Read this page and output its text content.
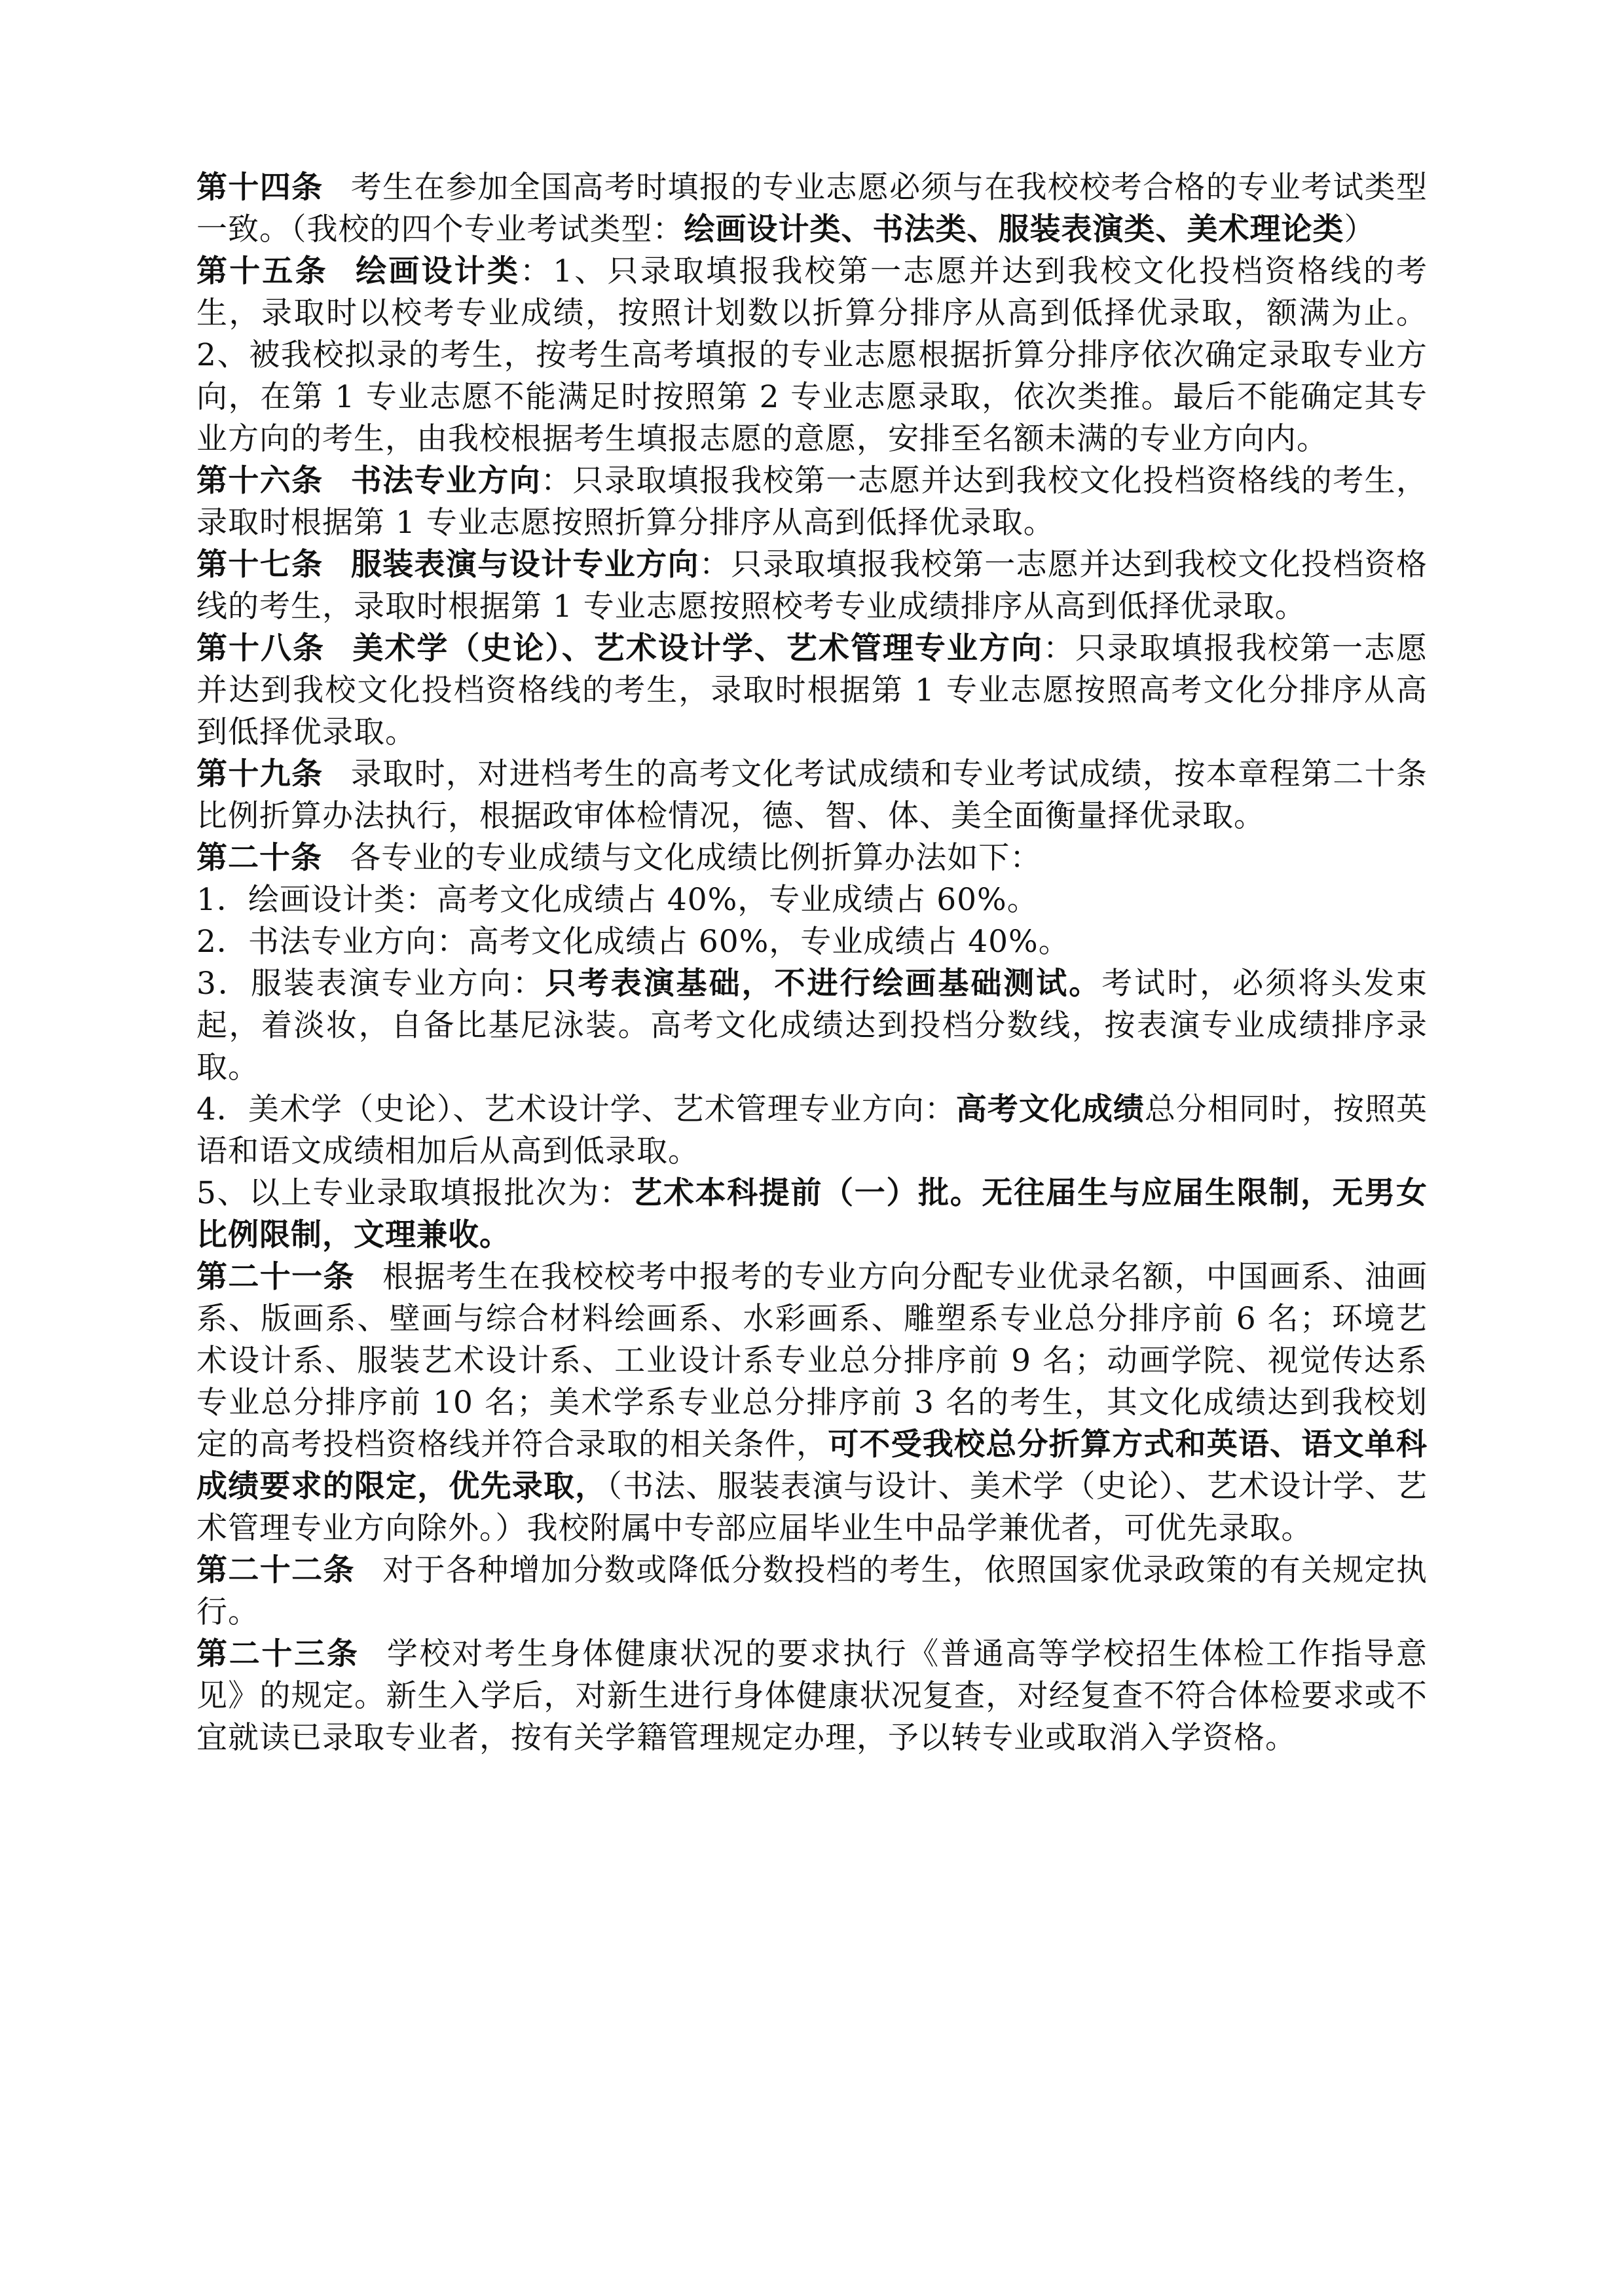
第十四条 考生在参加全国高考时填报的专业志愿必须与在我校校考合格的专业考试类型一致。（我校的四个专业考试类型：绘画设计类、书法类、服装表演类、美术理论类）

第十五条 绘画设计类：1、只录取填报我校第一志愿并达到我校文化投档资格线的考生，录取时以校考专业成绩，按照计划数以折算分排序从高到低择优录取，额满为止。2、被我校拟录的考生，按考生高考填报的专业志愿根据折算分排序依次确定录取专业方向，在第 1 专业志愿不能满足时按照第 2 专业志愿录取，依次类推。最后不能确定其专业方向的考生，由我校根据考生填报志愿的意愿，安排至名额未满的专业方向内。

第十六条 书法专业方向：只录取填报我校第一志愿并达到我校文化投档资格线的考生，录取时根据第 1 专业志愿按照折算分排序从高到低择优录取。

第十七条 服装表演与设计专业方向：只录取填报我校第一志愿并达到我校文化投档资格线的考生，录取时根据第 1 专业志愿按照校考专业成绩排序从高到低择优录取。

第十八条 美术学（史论）、艺术设计学、艺术管理专业方向：只录取填报我校第一志愿并达到我校文化投档资格线的考生，录取时根据第 1 专业志愿按照高考文化分排序从高到低择优录取。

第十九条 录取时，对进档考生的高考文化考试成绩和专业考试成绩，按本章程第二十条比例折算办法执行，根据政审体检情况，德、智、体、美全面衡量择优录取。

第二十条 各专业的专业成绩与文化成绩比例折算办法如下：

1．绘画设计类：高考文化成绩占 40%，专业成绩占 60%。

2．书法专业方向：高考文化成绩占 60%，专业成绩占 40%。

3．服装表演专业方向：只考表演基础，不进行绘画基础测试。考试时，必须将头发束起，着淡妆，自备比基尼泳装。高考文化成绩达到投档分数线，按表演专业成绩排序录取。

4．美术学（史论）、艺术设计学、艺术管理专业方向：高考文化成绩总分相同时，按照英语和语文成绩相加后从高到低录取。

5、以上专业录取填报批次为：艺术本科提前（一）批。无往届生与应届生限制，无男女比例限制，文理兼收。

第二十一条 根据考生在我校校考中报考的专业方向分配专业优录名额，中国画系、油画系、版画系、壁画与综合材料绘画系、水彩画系、雕塑系专业总分排序前 6 名；环境艺术设计系、服装艺术设计系、工业设计系专业总分排序前 9 名；动画学院、视觉传达系专业总分排序前 10 名；美术学系专业总分排序前 3 名的考生，其文化成绩达到我校划定的高考投档资格线并符合录取的相关条件，可不受我校总分折算方式和英语、语文单科成绩要求的限定，优先录取，（书法、服装表演与设计、美术学（史论）、艺术设计学、艺术管理专业方向除外。）我校附属中专部应届毕业生中品学兼优者，可优先录取。

第二十二条 对于各种增加分数或降低分数投档的考生，依照国家优录政策的有关规定执行。

第二十三条 学校对考生身体健康状况的要求执行《普通高等学校招生体检工作指导意见》的规定。新生入学后，对新生进行身体健康状况复查，对经复查不符合体检要求或不宜就读已录取专业者，按有关学籍管理规定办理，予以转专业或取消入学资格。
